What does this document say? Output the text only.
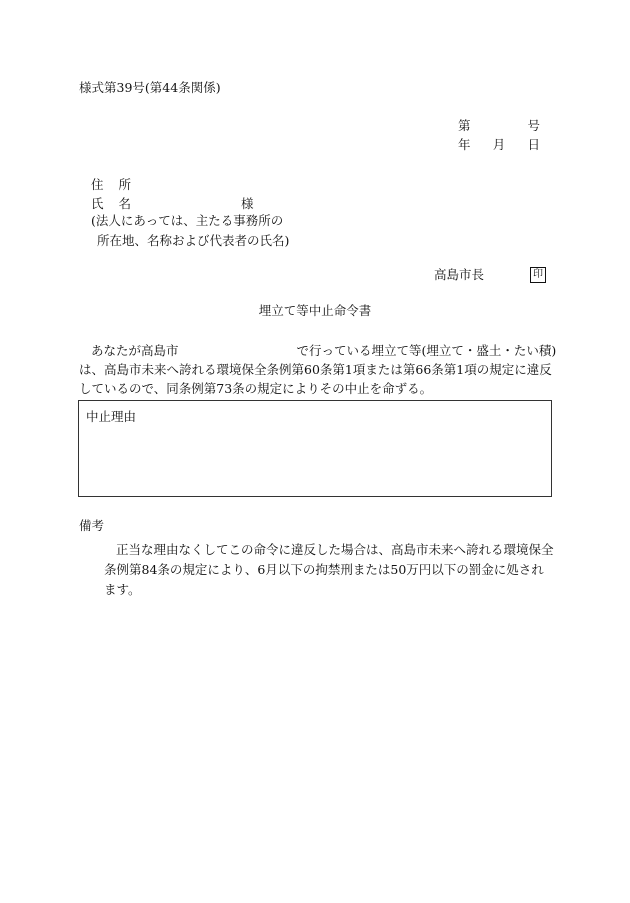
様式第39号(第44条関係)
第	号
年 月 日
住 所
氏 名	様
(法人にあっては、主たる事務所の
所在地、名称および代表者の氏名)
高島市長	印
埋立て等中止命令書
あなたが高島市	で行っている埋立て等(埋立て・盛土・たい積)は、高島市未来へ誇れる環境保全条例第60条第1項または第66条第1項の規定に違反しているので、同条例第73条の規定によりその中止を命ずる。
中止理由
備考
正当な理由なくしてこの命令に違反した場合は、高島市未来へ誇れる環境保全条例第84条の規定により、6月以下の拘禁刑または50万円以下の罰金に処されます。
